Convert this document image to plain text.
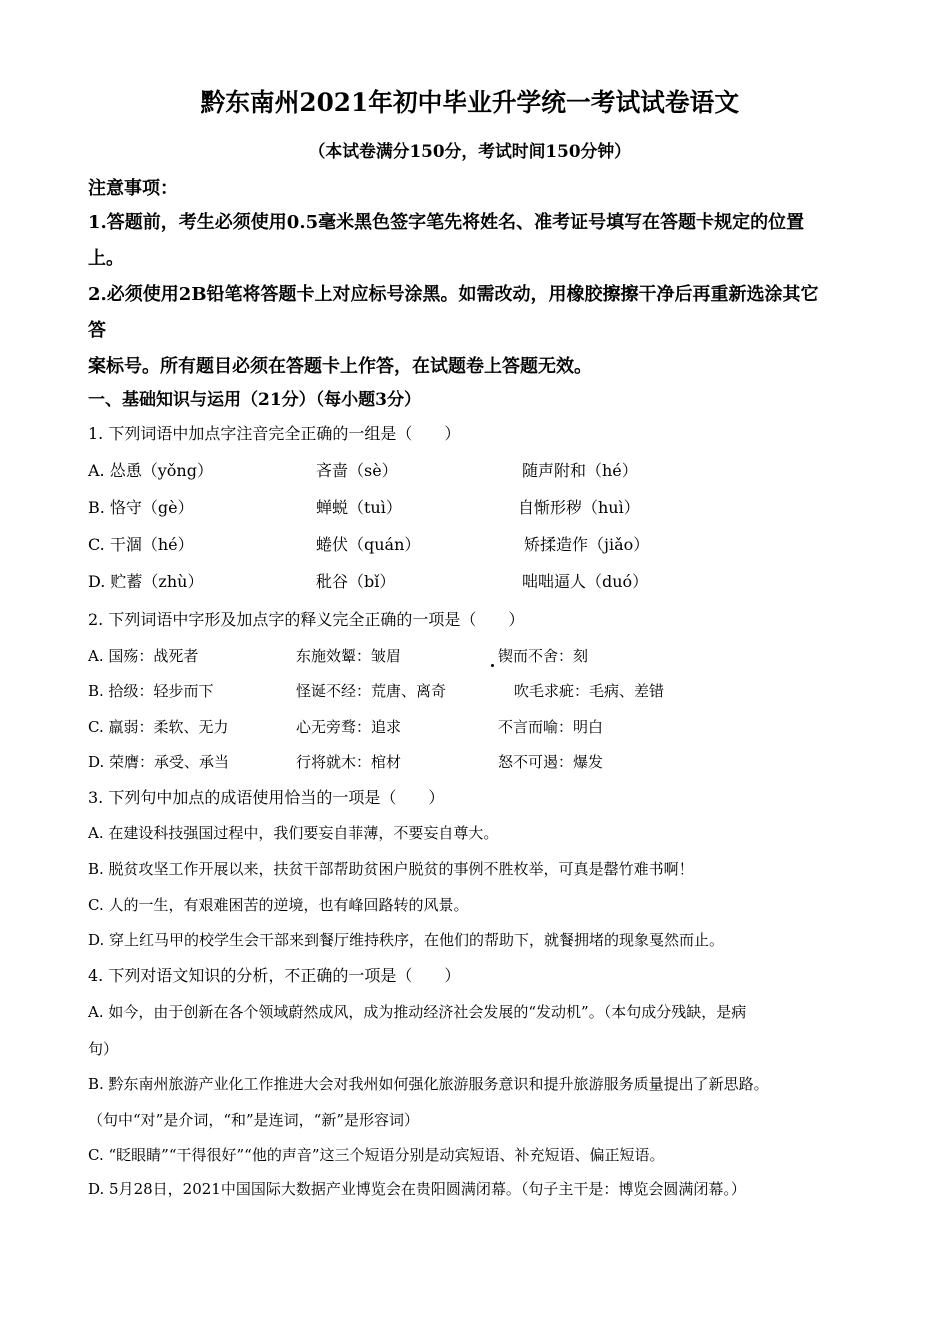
黔东南州2021年初中毕业升学统一考试试卷语文
（本试卷满分150分，考试时间150分钟）
注意事项：
1.答题前，考生必须使用0.5毫米黑色签字笔先将姓名、准考证号填写在答题卡规定的位置
上。
2.必须使用2B铅笔将答题卡上对应标号涂黑。如需改动，用橡胶擦擦干净后再重新选涂其它
答
案标号。所有题目必须在答题卡上作答，在试题卷上答题无效。
一、基础知识与运用（21分）（每小题3分）
1. 下列词语中加点字注音完全正确的一组是（　　）
A. 怂恿（yǒng）	吝啬（sè）	随声附和（hé）
B. 恪守（gè）	蝉蜕（tuì）	自惭形秽（huì）
C. 干涸（hé）	蜷伏（quán）	矫揉造作（jiǎo）
D. 贮蓄（zhù）	秕谷（bǐ）	咄咄逼人（duó）
2. 下列词语中字形及加点字的释义完全正确的一项是（　　）
A. 国殇：战死者	东施效颦：皱眉	锲而不舍：刻
B. 拾级：轻步而下	怪诞不经：荒唐、离奇	吹毛求疵：毛病、差错
C. 羸弱：柔软、无力	心无旁骛：追求	不言而喻：明白
D. 荣膺：承受、承当	行将就木：棺材	怒不可遏：爆发
3. 下列句中加点的成语使用恰当的一项是（　　）
A. 在建设科技强国过程中，我们要妄自菲薄，不要妄自尊大。
B. 脱贫攻坚工作开展以来，扶贫干部帮助贫困户脱贫的事例不胜枚举，可真是罄竹难书啊！
C. 人的一生，有艰难困苦的逆境，也有峰回路转的风景。
D. 穿上红马甲的校学生会干部来到餐厅维持秩序，在他们的帮助下，就餐拥堵的现象戛然而止。
4. 下列对语文知识的分析，不正确的一项是（　　）
A. 如今，由于创新在各个领域蔚然成风，成为推动经济社会发展的“发动机”。（本句成分残缺，是病
句）
B. 黔东南州旅游产业化工作推进大会对我州如何强化旅游服务意识和提升旅游服务质量提出了新思路。
（句中“对”是介词，“和”是连词，“新”是形容词）
C. “眨眼睛”“干得很好”“他的声音”这三个短语分别是动宾短语、补充短语、偏正短语。
D. 5月28日，2021中国国际大数据产业博览会在贵阳圆满闭幕。（句子主干是：博览会圆满闭幕。）
